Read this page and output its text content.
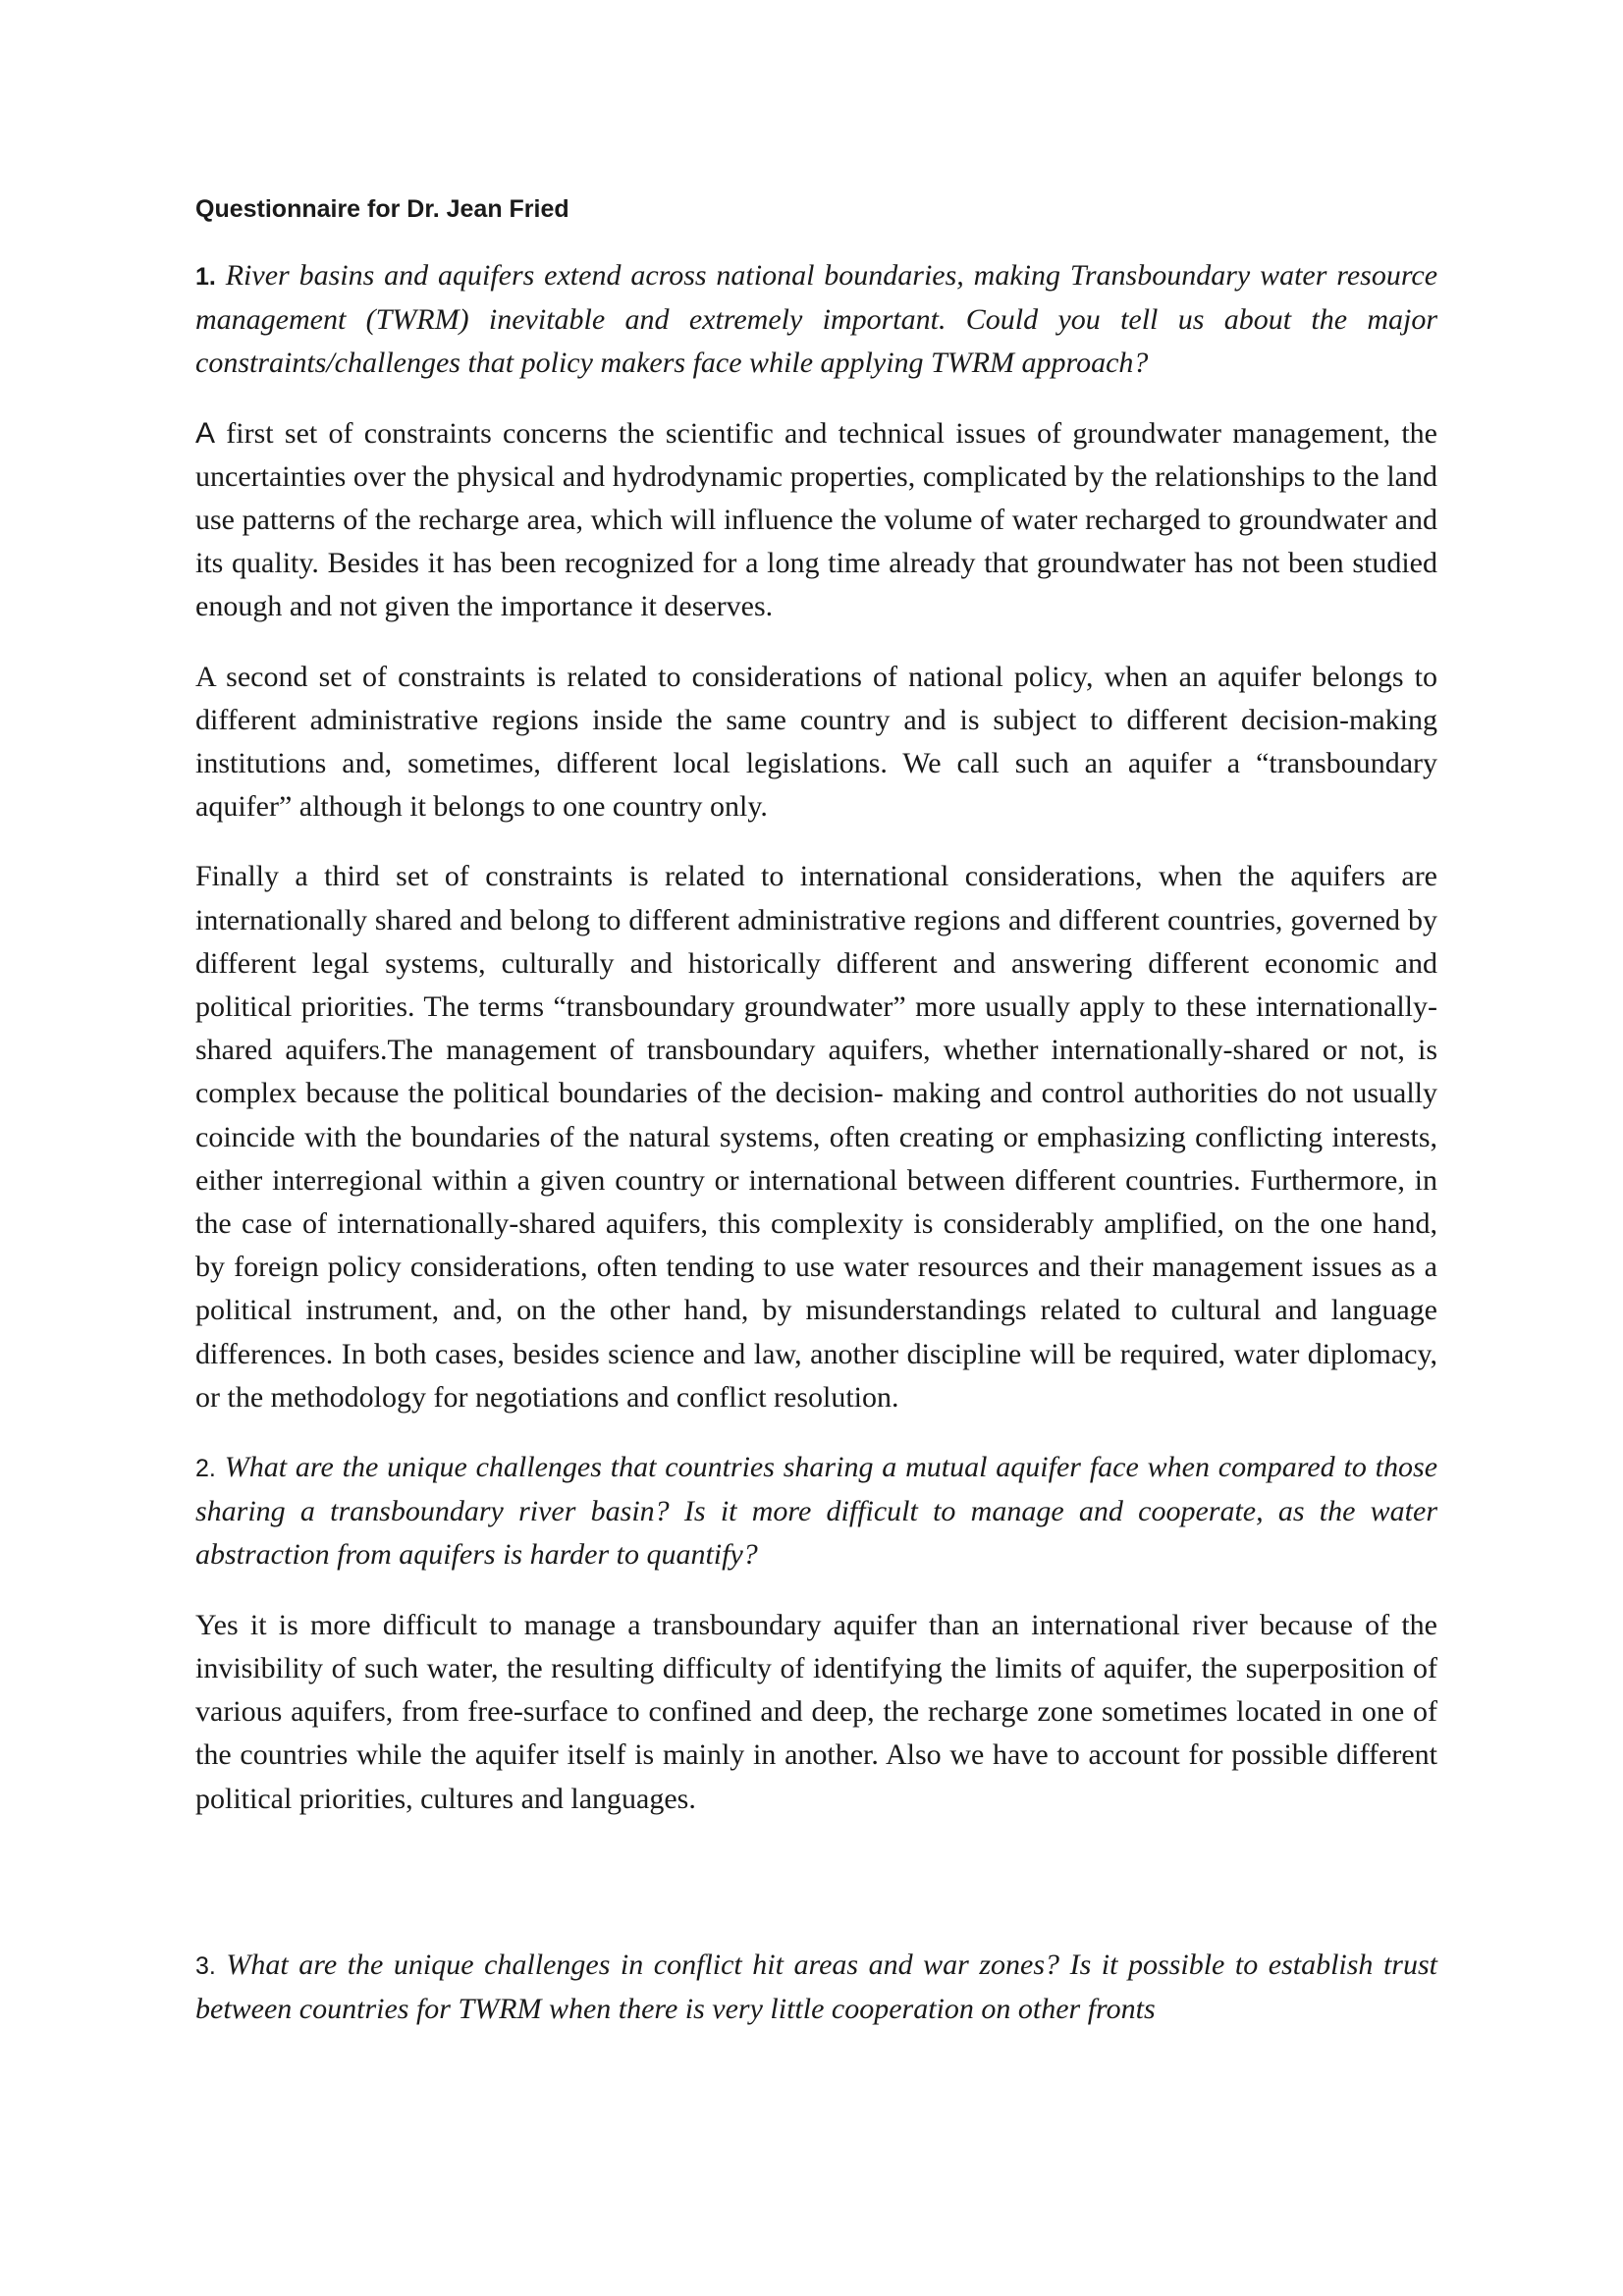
Questionnaire for Dr. Jean Fried

1. River basins and aquifers extend across national boundaries, making Transboundary water resource management (TWRM) inevitable and extremely important. Could you tell us about the major constraints/challenges that policy makers face while applying TWRM approach?

A first set of constraints concerns the scientific and technical issues of groundwater management, the uncertainties over the physical and hydrodynamic properties, complicated by the relationships to the land use patterns of the recharge area, which will influence the volume of water recharged to groundwater and its quality. Besides it has been recognized for a long time already that groundwater has not been studied enough and not given the importance it deserves.

A second set of constraints is related to considerations of national policy, when an aquifer belongs to different administrative regions inside the same country and is subject to different decision-making institutions and, sometimes, different local legislations. We call such an aquifer a “transboundary aquifer” although it belongs to one country only.

Finally a third set of constraints is related to international considerations, when the aquifers are internationally shared and belong to different administrative regions and different countries, governed by different legal systems, culturally and historically different and answering different economic and political priorities. The terms “transboundary groundwater” more usually apply to these internationally-shared aquifers.The management of transboundary aquifers, whether internationally-shared or not, is complex because the political boundaries of the decision- making and control authorities do not usually coincide with the boundaries of the natural systems, often creating or emphasizing conflicting interests, either interregional within a given country or international between different countries. Furthermore, in the case of internationally-shared aquifers, this complexity is considerably amplified, on the one hand, by foreign policy considerations, often tending to use water resources and their management issues as a political instrument, and, on the other hand, by misunderstandings related to cultural and language differences. In both cases, besides science and law, another discipline will be required, water diplomacy, or the methodology for negotiations and conflict resolution.

2. What are the unique challenges that countries sharing a mutual aquifer face when compared to those sharing a transboundary river basin? Is it more difficult to manage and cooperate, as the water abstraction from aquifers is harder to quantify?

Yes it is more difficult to manage a transboundary aquifer than an international river because of the invisibility of such water, the resulting difficulty of identifying the limits of aquifer, the superposition of various aquifers, from free-surface to confined and deep, the recharge zone sometimes located in one of the countries while the aquifer itself is mainly in another. Also we have to account for possible different political priorities, cultures and languages.

3. What are the unique challenges in conflict hit areas and war zones? Is it possible to establish trust between countries for TWRM when there is very little cooperation on other fronts
